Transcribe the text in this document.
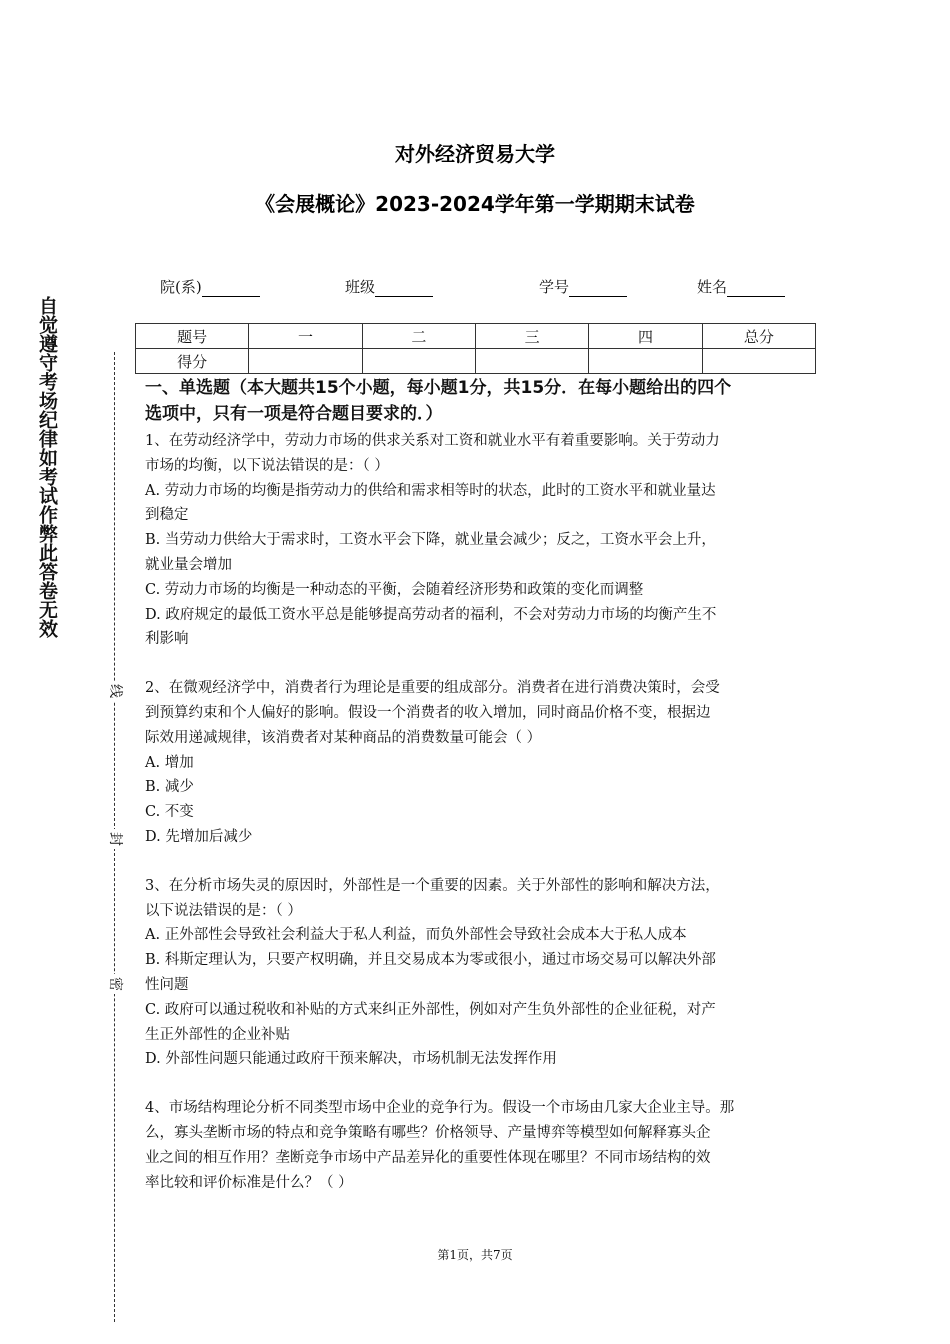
对外经济贸易大学
《会展概论》2023-2024学年第一学期期末试卷
院(系)	班级	学号	姓名
题号	一	二	三	四	总分
得分					
自觉遵守考场纪律如考试作弊此答卷无效
线
封
密
一、单选题（本大题共15个小题，每小题1分，共15分．在每小题给出的四个
选项中，只有一项是符合题目要求的．）
1、在劳动经济学中，劳动力市场的供求关系对工资和就业水平有着重要影响。关于劳动力
市场的均衡，以下说法错误的是：（ ）
A. 劳动力市场的均衡是指劳动力的供给和需求相等时的状态，此时的工资水平和就业量达
到稳定
B. 当劳动力供给大于需求时，工资水平会下降，就业量会减少；反之，工资水平会上升，
就业量会增加
C. 劳动力市场的均衡是一种动态的平衡，会随着经济形势和政策的变化而调整
D. 政府规定的最低工资水平总是能够提高劳动者的福利，不会对劳动力市场的均衡产生不
利影响
2、在微观经济学中，消费者行为理论是重要的组成部分。消费者在进行消费决策时，会受
到预算约束和个人偏好的影响。假设一个消费者的收入增加，同时商品价格不变，根据边
际效用递减规律，该消费者对某种商品的消费数量可能会（ ）
A. 增加
B. 减少
C. 不变
D. 先增加后减少
3、在分析市场失灵的原因时，外部性是一个重要的因素。关于外部性的影响和解决方法，
以下说法错误的是：（ ）
A. 正外部性会导致社会利益大于私人利益，而负外部性会导致社会成本大于私人成本
B. 科斯定理认为，只要产权明确，并且交易成本为零或很小，通过市场交易可以解决外部
性问题
C. 政府可以通过税收和补贴的方式来纠正外部性，例如对产生负外部性的企业征税，对产
生正外部性的企业补贴
D. 外部性问题只能通过政府干预来解决，市场机制无法发挥作用
4、市场结构理论分析不同类型市场中企业的竞争行为。假设一个市场由几家大企业主导。那
么，寡头垄断市场的特点和竞争策略有哪些？价格领导、产量博弈等模型如何解释寡头企
业之间的相互作用？垄断竞争市场中产品差异化的重要性体现在哪里？不同市场结构的效
率比较和评价标准是什么？（ ）
第1页，共7页
